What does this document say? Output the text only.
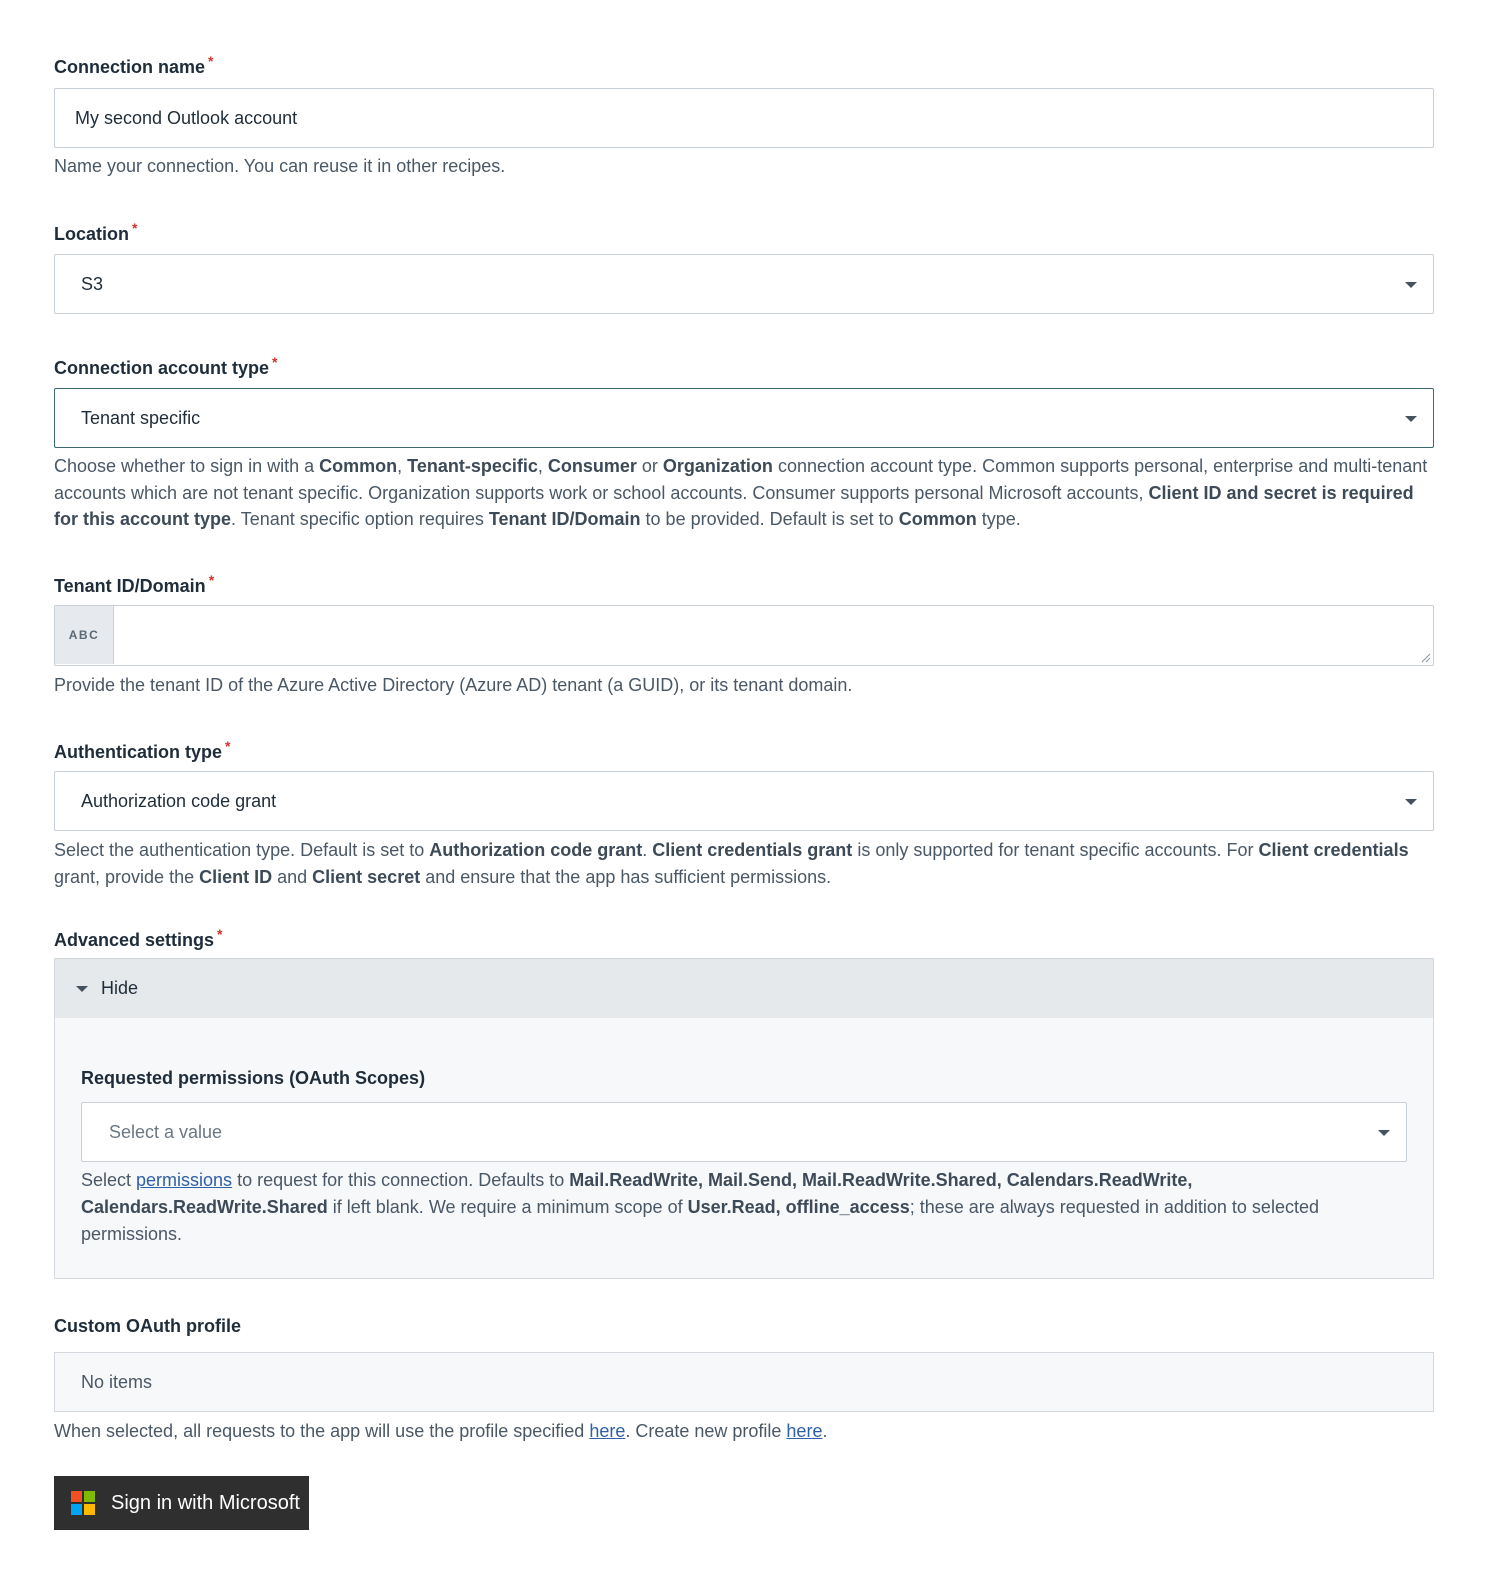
Connection name *
My second Outlook account
Name your connection. You can reuse it in other recipes.
Location *
S3
Connection account type *
Tenant specific
Choose whether to sign in with a Common, Tenant-specific, Consumer or Organization connection account type. Common supports personal, enterprise and multi-tenant accounts which are not tenant specific. Organization supports work or school accounts. Consumer supports personal Microsoft accounts, Client ID and secret is required for this account type. Tenant specific option requires Tenant ID/Domain to be provided. Default is set to Common type.
Tenant ID/Domain *
ABC
Provide the tenant ID of the Azure Active Directory (Azure AD) tenant (a GUID), or its tenant domain.
Authentication type *
Authorization code grant
Select the authentication type. Default is set to Authorization code grant. Client credentials grant is only supported for tenant specific accounts. For Client credentials grant, provide the Client ID and Client secret and ensure that the app has sufficient permissions.
Advanced settings *
Hide
Requested permissions (OAuth Scopes)
Select a value
Select permissions to request for this connection. Defaults to Mail.ReadWrite, Mail.Send, Mail.ReadWrite.Shared, Calendars.ReadWrite, Calendars.ReadWrite.Shared if left blank. We require a minimum scope of User.Read, offline_access; these are always requested in addition to selected permissions.
Custom OAuth profile
No items
When selected, all requests to the app will use the profile specified here. Create new profile here.
Sign in with Microsoft
